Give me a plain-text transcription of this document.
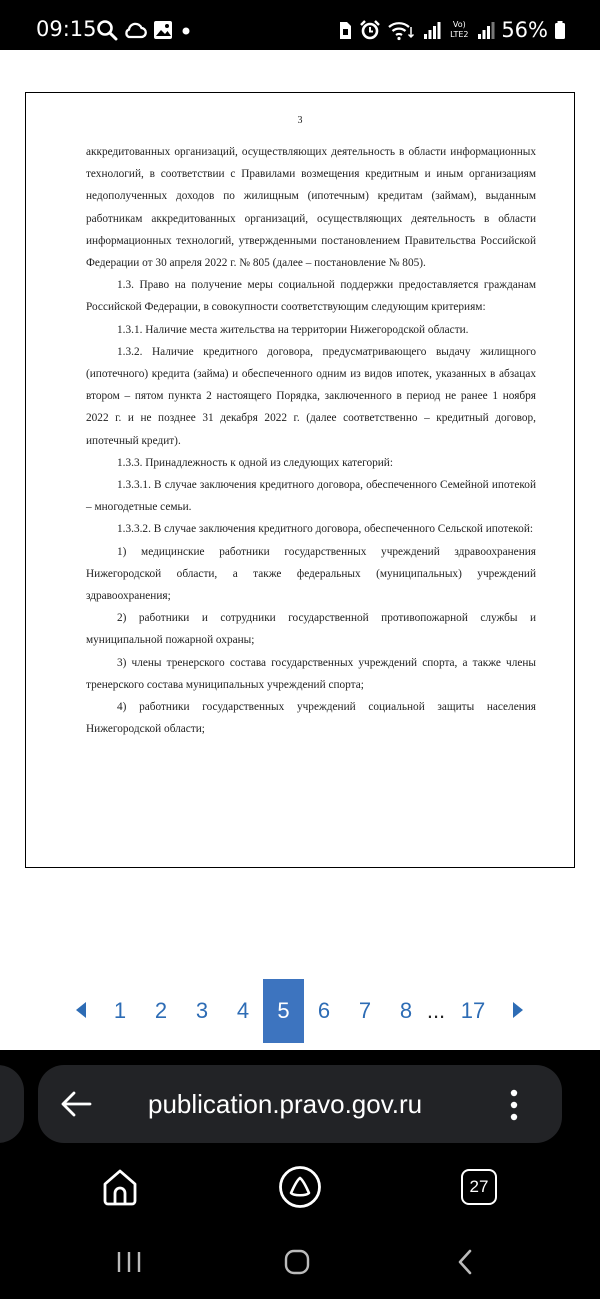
09:15	Vo)
LTE2 56%
3

аккредитованных организаций, осуществляющих деятельность в области информационных технологий, в соответствии с Правилами возмещения кредитным и иным организациям недополученных доходов по жилищным (ипотечным) кредитам (займам), выданным работникам аккредитованных организаций, осуществляющих деятельность в области информационных технологий, утвержденными постановлением Правительства Российской Федерации от 30 апреля 2022 г. № 805 (далее – постановление № 805).

1.3. Право на получение меры социальной поддержки предоставляется гражданам Российской Федерации, в совокупности соответствующим следующим критериям:

1.3.1. Наличие места жительства на территории Нижегородской области.

1.3.2. Наличие кредитного договора, предусматривающего выдачу жилищного (ипотечного) кредита (займа) и обеспеченного одним из видов ипотек, указанных в абзацах втором – пятом пункта 2 настоящего Порядка, заключенного в период не ранее 1 ноября 2022 г. и не позднее 31 декабря 2022 г. (далее соответственно – кредитный договор, ипотечный кредит).

1.3.3. Принадлежность к одной из следующих категорий:

1.3.3.1. В случае заключения кредитного договора, обеспеченного Семейной ипотекой – многодетные семьи.

1.3.3.2. В случае заключения кредитного договора, обеспеченного Сельской ипотекой:

1) медицинские работники государственных учреждений здравоохранения Нижегородской области, а также федеральных (муниципальных) учреждений здравоохранения;

2) работники и сотрудники государственной противопожарной службы и муниципальной пожарной охраны;

3) члены тренерского состава государственных учреждений спорта, а также члены тренерского состава муниципальных учреждений спорта;

4) работники государственных учреждений социальной защиты населения Нижегородской области;

1	2	3	4	5	6	7	8 ... 17
publication.pravo.gov.ru
27
